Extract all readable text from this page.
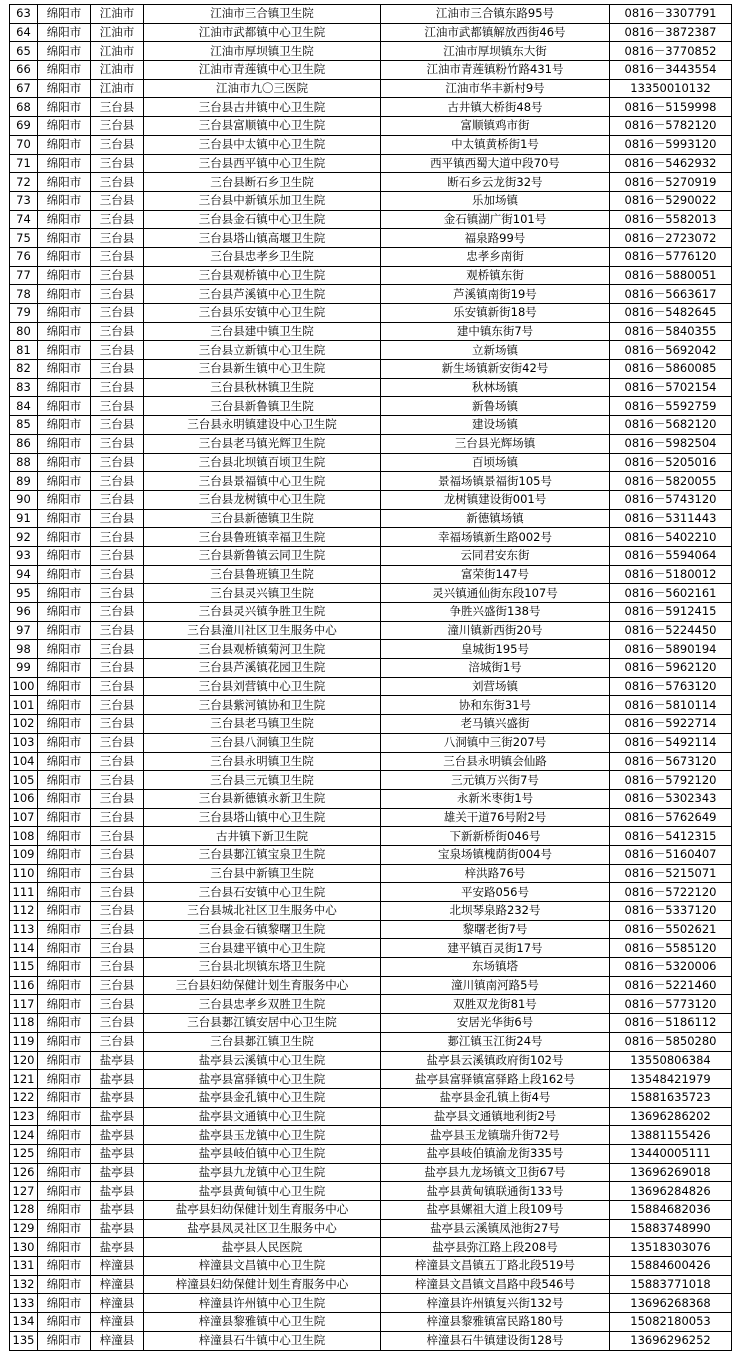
63	绵阳市	江油市	江油市三合镇卫生院	江油市三合镇东路95号	0816－3307791
64	绵阳市	江油市	江油市武都镇中心卫生院	江油市武都镇解放西街46号	0816－3872387
65	绵阳市	江油市	江油市厚坝镇卫生院	江油市厚坝镇东大街	0816－3770852
66	绵阳市	江油市	江油市青莲镇中心卫生院	江油市青莲镇粉竹路431号	0816－3443554
67	绵阳市	江油市	江油市九〇三医院	江油市华丰新村9号	13350010132
68	绵阳市	三台县	三台县古井镇中心卫生院	古井镇大桥街48号	0816－5159998
69	绵阳市	三台县	三台县富顺镇中心卫生院	富顺镇鸡市街	0816－5782120
70	绵阳市	三台县	三台县中太镇中心卫生院	中太镇黄桥街1号	0816－5993120
71	绵阳市	三台县	三台县西平镇中心卫生院	西平镇西蜀大道中段70号	0816－5462932
72	绵阳市	三台县	三台县断石乡卫生院	断石乡云龙街32号	0816－5270919
73	绵阳市	三台县	三台县中新镇乐加卫生院	乐加场镇	0816－5290022
74	绵阳市	三台县	三台县金石镇中心卫生院	金石镇湖广街101号	0816－5582013
75	绵阳市	三台县	三台县塔山镇高堰卫生院	福泉路99号	0816－2723072
76	绵阳市	三台县	三台县忠孝乡卫生院	忠孝乡南街	0816－5776120
77	绵阳市	三台县	三台县观桥镇中心卫生院	观桥镇东街	0816－5880051
78	绵阳市	三台县	三台县芦溪镇中心卫生院	芦溪镇南街19号	0816－5663617
79	绵阳市	三台县	三台县乐安镇中心卫生院	乐安镇新街18号	0816－5482645
80	绵阳市	三台县	三台县建中镇卫生院	建中镇东街7号	0816－5840355
81	绵阳市	三台县	三台县立新镇中心卫生院	立新场镇	0816－5692042
82	绵阳市	三台县	三台县新生镇中心卫生院	新生场镇新安街42号	0816－5860085
83	绵阳市	三台县	三台县秋林镇卫生院	秋林场镇	0816－5702154
84	绵阳市	三台县	三台县新鲁镇卫生院	新鲁场镇	0816－5592759
85	绵阳市	三台县	三台县永明镇建设中心卫生院	建设场镇	0816－5682120
86	绵阳市	三台县	三台县老马镇光辉卫生院	三台县光辉场镇	0816－5982504
88	绵阳市	三台县	三台县北坝镇百顷卫生院	百顷场镇	0816－5205016
89	绵阳市	三台县	三台县景福镇中心卫生院	景福场镇景福街105号	0816－5820055
90	绵阳市	三台县	三台县龙树镇中心卫生院	龙树镇建设街001号	0816－5743120
91	绵阳市	三台县	三台县新德镇卫生院	新德镇场镇	0816－5311443
92	绵阳市	三台县	三台县鲁班镇幸福卫生院	幸福场镇新生路002号	0816－5402210
93	绵阳市	三台县	三台县新鲁镇云同卫生院	云同君安东街	0816－5594064
94	绵阳市	三台县	三台县鲁班镇卫生院	富荣街147号	0816－5180012
95	绵阳市	三台县	三台县灵兴镇卫生院	灵兴镇通仙街东段107号	0816－5602161
96	绵阳市	三台县	三台县灵兴镇争胜卫生院	争胜兴盛街138号	0816－5912415
97	绵阳市	三台县	三台县潼川社区卫生服务中心	潼川镇新西街20号	0816－5224450
98	绵阳市	三台县	三台县观桥镇菊河卫生院	皇城街195号	0816－5890194
99	绵阳市	三台县	三台县芦溪镇花园卫生院	涪城街1号	0816－5962120
100	绵阳市	三台县	三台县刘营镇中心卫生院	刘营场镇	0816－5763120
101	绵阳市	三台县	三台县紫河镇协和卫生院	协和东街31号	0816－5810114
102	绵阳市	三台县	三台县老马镇卫生院	老马镇兴盛街	0816－5922714
103	绵阳市	三台县	三台县八洞镇卫生院	八洞镇中三街207号	0816－5492114
104	绵阳市	三台县	三台县永明镇卫生院	三台县永明镇会仙路	0816－5673120
105	绵阳市	三台县	三台县三元镇卫生院	三元镇万兴街7号	0816－5792120
106	绵阳市	三台县	三台县新德镇永新卫生院	永新米枣街1号	0816－5302343
107	绵阳市	三台县	三台县塔山镇中心卫生院	雄关干道76号附2号	0816－5762649
108	绵阳市	三台县	古井镇下新卫生院	下新新桥街046号	0816－5412315
109	绵阳市	三台县	三台县郪江镇宝泉卫生院	宝泉场镇槐荫街004号	0816－5160407
110	绵阳市	三台县	三台县中新镇卫生院	梓洪路76号	0816－5215071
111	绵阳市	三台县	三台县石安镇中心卫生院	平安路056号	0816－5722120
112	绵阳市	三台县	三台县城北社区卫生服务中心	北坝琴泉路232号	0816－5337120
113	绵阳市	三台县	三台县金石镇黎曙卫生院	黎曙老街7号	0816－5502621
114	绵阳市	三台县	三台县建平镇中心卫生院	建平镇百灵街17号	0816－5585120
115	绵阳市	三台县	三台县北坝镇东塔卫生院	东场镇塔	0816－5320006
116	绵阳市	三台县	三台县妇幼保健计划生育服务中心	潼川镇南河路5号	0816－5221460
117	绵阳市	三台县	三台县忠孝乡双胜卫生院	双胜双龙街81号	0816－5773120
118	绵阳市	三台县	三台县郪江镇安居中心卫生院	安居光华街6号	0816－5186112
119	绵阳市	三台县	三台县郪江镇卫生院	郪江镇玉江街24号	0816－5850280
120	绵阳市	盐亭县	盐亭县云溪镇中心卫生院	盐亭县云溪镇政府街102号	13550806384
121	绵阳市	盐亭县	盐亭县富驿镇中心卫生院	盐亭县富驿镇富驿路上段162号	13548421979
122	绵阳市	盐亭县	盐亭县金孔镇中心卫生院	盐亭县金孔镇上街4号	15881635723
123	绵阳市	盐亭县	盐亭县文通镇中心卫生院	盐亭县文通镇地利街2号	13696286202
124	绵阳市	盐亭县	盐亭县玉龙镇中心卫生院	盐亭县玉龙镇瑞升街72号	13881155426
125	绵阳市	盐亭县	盐亭县岐伯镇中心卫生院	盐亭县岐伯镇渝龙街335号	13440005111
126	绵阳市	盐亭县	盐亭县九龙镇中心卫生院	盐亭县九龙场镇文卫街67号	13696269018
127	绵阳市	盐亭县	盐亭县黄甸镇中心卫生院	盐亭县黄甸镇联通街133号	13696284826
128	绵阳市	盐亭县	盐亭县妇幼保健计划生育服务中心	盐亭县嫘祖大道上段109号	15884682036
129	绵阳市	盐亭县	盐亭县凤灵社区卫生服务中心	盐亭县云溪镇凤池街27号	15883748990
130	绵阳市	盐亭县	盐亭县人民医院	盐亭县弥江路上段208号	13518303076
131	绵阳市	梓潼县	梓潼县文昌镇中心卫生院	梓潼县文昌镇五丁路北段519号	15884600426
132	绵阳市	梓潼县	梓潼县妇幼保健计划生育服务中心	梓潼县文昌镇文昌路中段546号	15883771018
133	绵阳市	梓潼县	梓潼县许州镇中心卫生院	梓潼县许州镇复兴街132号	13696268368
134	绵阳市	梓潼县	梓潼县黎雅镇中心卫生院	梓潼县黎雅镇富民路180号	15082180053
135	绵阳市	梓潼县	梓潼县石牛镇中心卫生院	梓潼县石牛镇建设街128号	13696296252
